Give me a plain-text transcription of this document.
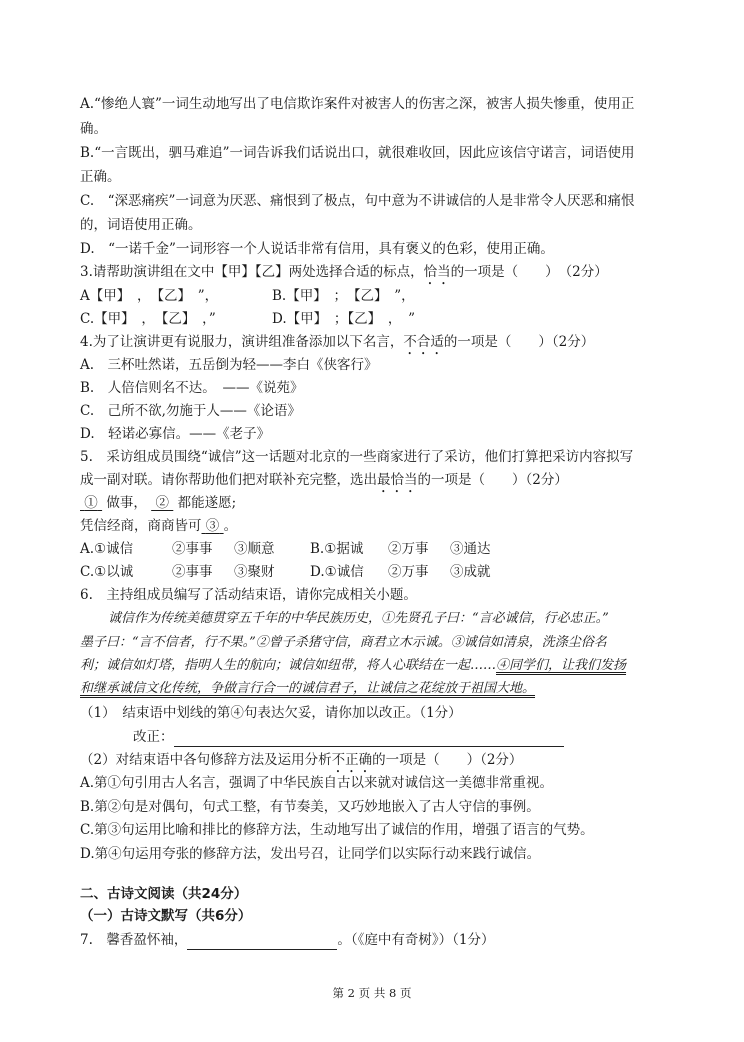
A.“惨绝人寰”一词生动地写出了电信欺诈案件对被害人的伤害之深，被害人损失惨重，使用正
确。
B.“一言既出，驷马难追”一词告诉我们话说出口，就很难收回，因此应该信守诺言，词语使用
正确。
C.　“深恶痛疾”一词意为厌恶、痛恨到了极点，句中意为不讲诚信的人是非常令人厌恶和痛恨
的，词语使用正确。
D.　“一诺千金”一词形容一个人说话非常有信用，具有褒义的色彩，使用正确。
3.请帮助演讲组在文中【甲】【乙】两处选择合适的标点，恰当的一项是（　　）　（2分）
A【甲】　，　【乙】　”，	B.【甲】　；　【乙】　”，
C.【甲】　，　【乙】　，”	D.【甲】　；【乙】　，　”
4.为了让演讲更有说服力，演讲组准备添加以下名言，不合适的一项是（　　）（2分）
A.　三杯吐然诺，五岳倒为轻——李白《侠客行》
B.　人倍信则名不达。　——《说苑》
C.　己所不欲,勿施于人——《论语》
D.　轻诺必寡信。——《老子》
5.　采访组成员围绕“诚信”这一话题对北京的一些商家进行了采访，他们打算把采访内容拟写
成一副对联。请你帮助他们把对联补充完整，选出最恰当的一项是（　　）（2分）
① 做事， ② 都能遂愿;
凭信经商，商商皆可 ③ 。
A.①诚信	②事事 ③顺意	B.①据诚 ②万事 ③通达
C.①以诚	②事事 ③聚财	D.①诚信 ②万事 ③成就
6.　主持组成员编写了活动结束语，请你完成相关小题。
诚信作为传统美德贯穿五千年的中华民族历史，①先贤孔子曰：“言必诚信，行必忠正。”
墨子曰：“言不信者，行不果。”②曾子杀猪守信，商君立木示诚。③诚信如清泉，洗涤尘俗名
利；诚信如灯塔，指明人生的航向；诚信如纽带，将人心联结在一起……④同学们，让我们发扬
和继承诚信文化传统，争做言行合一的诚信君子，让诚信之花绽放于祖国大地。
（1）　结束语中划线的第④句表达欠妥，请你加以改正。（1分）
改正：
（2）对结束语中各句修辞方法及运用分析不正确的一项是（　　）（2分）
A.第①句引用古人名言，强调了中华民族自古以来就对诚信这一美德非常重视。
B.第②句是对偶句，句式工整，有节奏美，又巧妙地嵌入了古人守信的事例。
C.第③句运用比喻和排比的修辞方法，生动地写出了诚信的作用，增强了语言的气势。
D.第④句运用夸张的修辞方法，发出号召，让同学们以实际行动来践行诚信。
二、古诗文阅读（共24分）
（一）古诗文默写（共6分）
7.　馨香盈怀袖，	。（《庭中有奇树》）（1分）
第 2 页 共 8 页
